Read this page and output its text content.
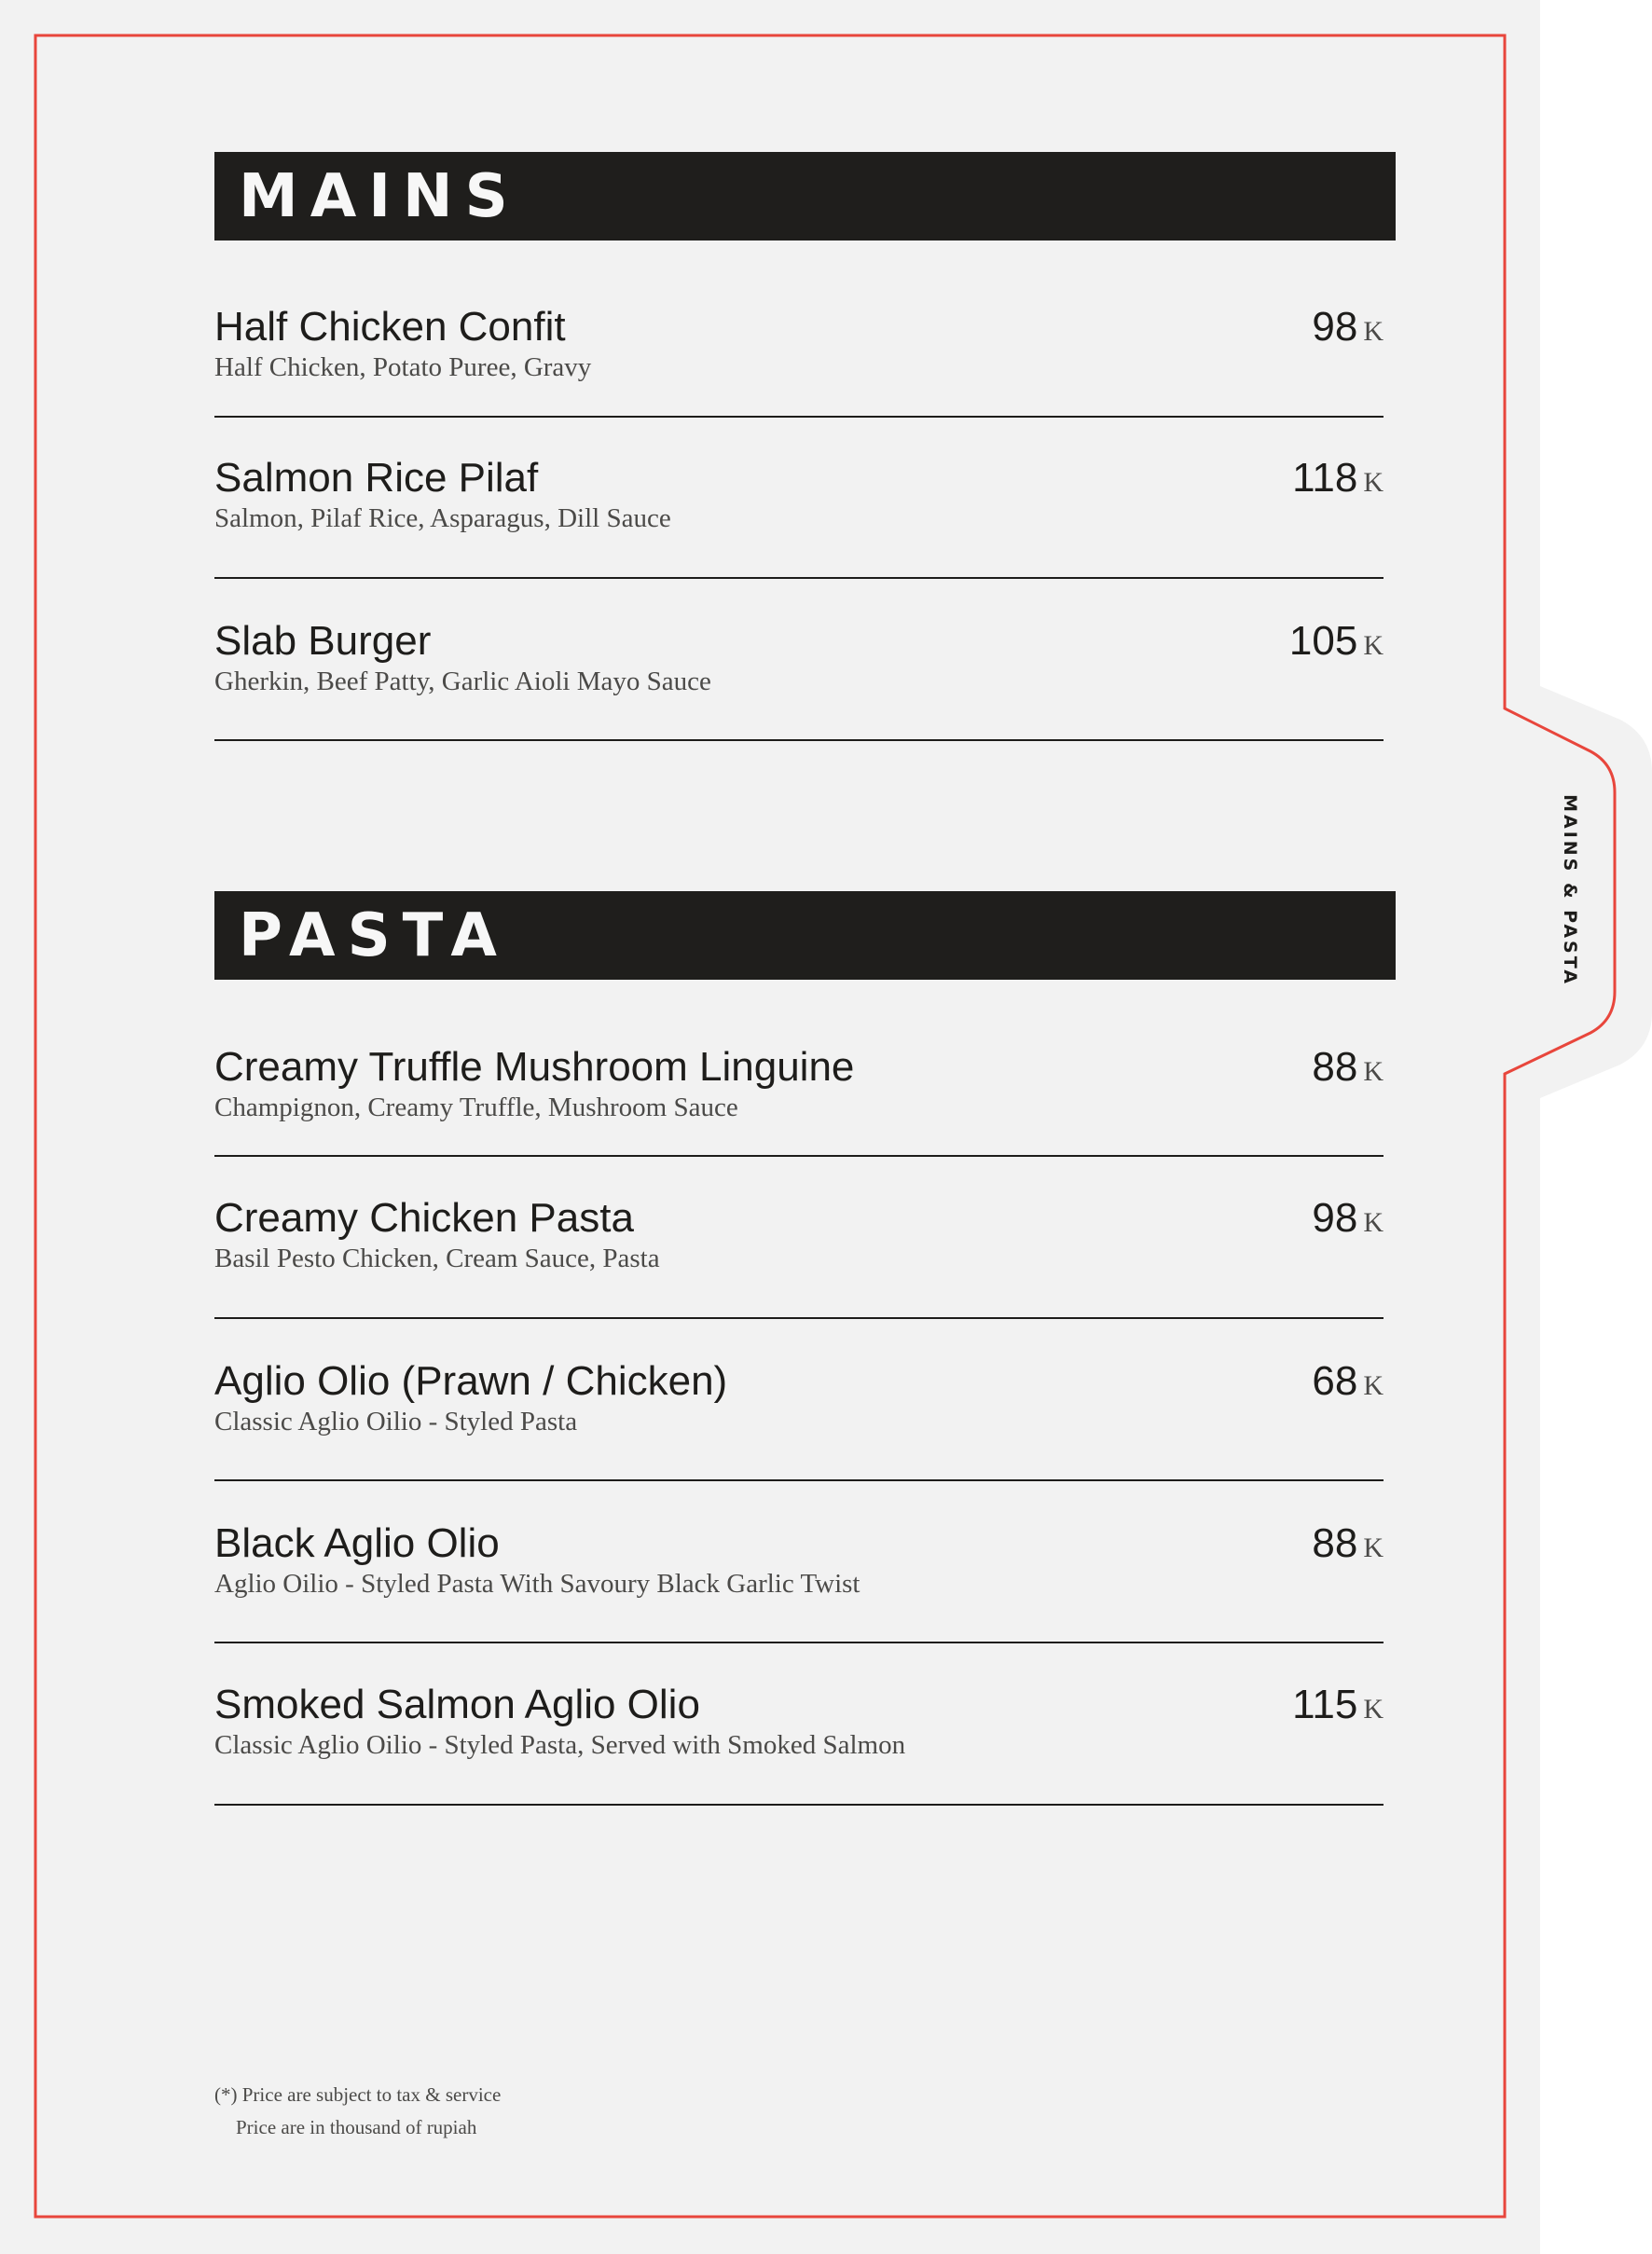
MAINS & PASTA
MAINS
Half Chicken Confit
Half Chicken, Potato Puree, Gravy
98 K
Salmon Rice Pilaf
Salmon, Pilaf Rice, Asparagus, Dill Sauce
118 K
Slab Burger
Gherkin, Beef Patty, Garlic Aioli Mayo Sauce
105 K
PASTA
Creamy Truffle Mushroom Linguine
Champignon, Creamy Truffle, Mushroom Sauce
88 K
Creamy Chicken Pasta
Basil Pesto Chicken, Cream Sauce, Pasta
98 K
Aglio Olio (Prawn / Chicken)
Classic Aglio Oilio - Styled Pasta
68 K
Black Aglio Olio
Aglio Oilio - Styled Pasta With Savoury Black Garlic Twist
88 K
Smoked Salmon Aglio Olio
Classic Aglio Oilio - Styled Pasta, Served with Smoked Salmon
115 K
(*) Price are subject to tax & service
Price are in thousand of rupiah
